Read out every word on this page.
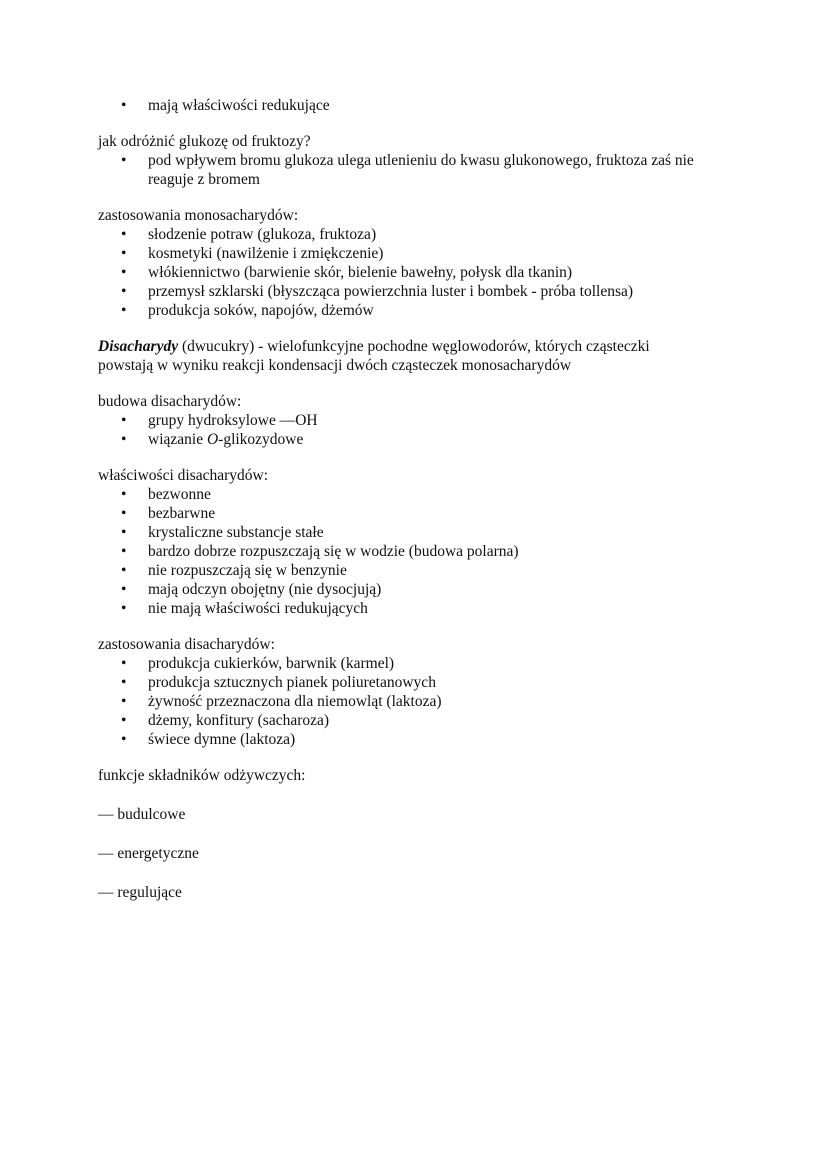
• mają właściwości redukujące

jak odróżnić glukozę od fruktozy?

• pod wpływem bromu glukoza ulega utlenieniu do kwasu glukonowego, fruktoza zaś nie reaguje z bromem

zastosowania monosacharydów:

• słodzenie potraw (glukoza, fruktoza)
• kosmetyki (nawilżenie i zmiękczenie)
• włókiennictwo (barwienie skór, bielenie bawełny, połysk dla tkanin)
• przemysł szklarski (błyszcząca powierzchnia luster i bombek - próba tollensa)
• produkcja soków, napojów, dżemów

Disacharydy (dwucukry) - wielofunkcyjne pochodne węglowodorów, których cząsteczki powstają w wyniku reakcji kondensacji dwóch cząsteczek monosacharydów

budowa disacharydów:

• grupy hydroksylowe —OH
• wiązanie O-glikozydowe

właściwości disacharydów:

• bezwonne
• bezbarwne
• krystaliczne substancje stałe
• bardzo dobrze rozpuszczają się w wodzie (budowa polarna)
• nie rozpuszczają się w benzynie
• mają odczyn obojętny (nie dysocjują)
• nie mają właściwości redukujących

zastosowania disacharydów:

• produkcja cukierków, barwnik (karmel)
• produkcja sztucznych pianek poliuretanowych
• żywność przeznaczona dla niemowląt (laktoza)
• dżemy, konfitury (sacharoza)
• świece dymne (laktoza)

funkcje składników odżywczych:

— budulcowe

— energetyczne

— regulujące
